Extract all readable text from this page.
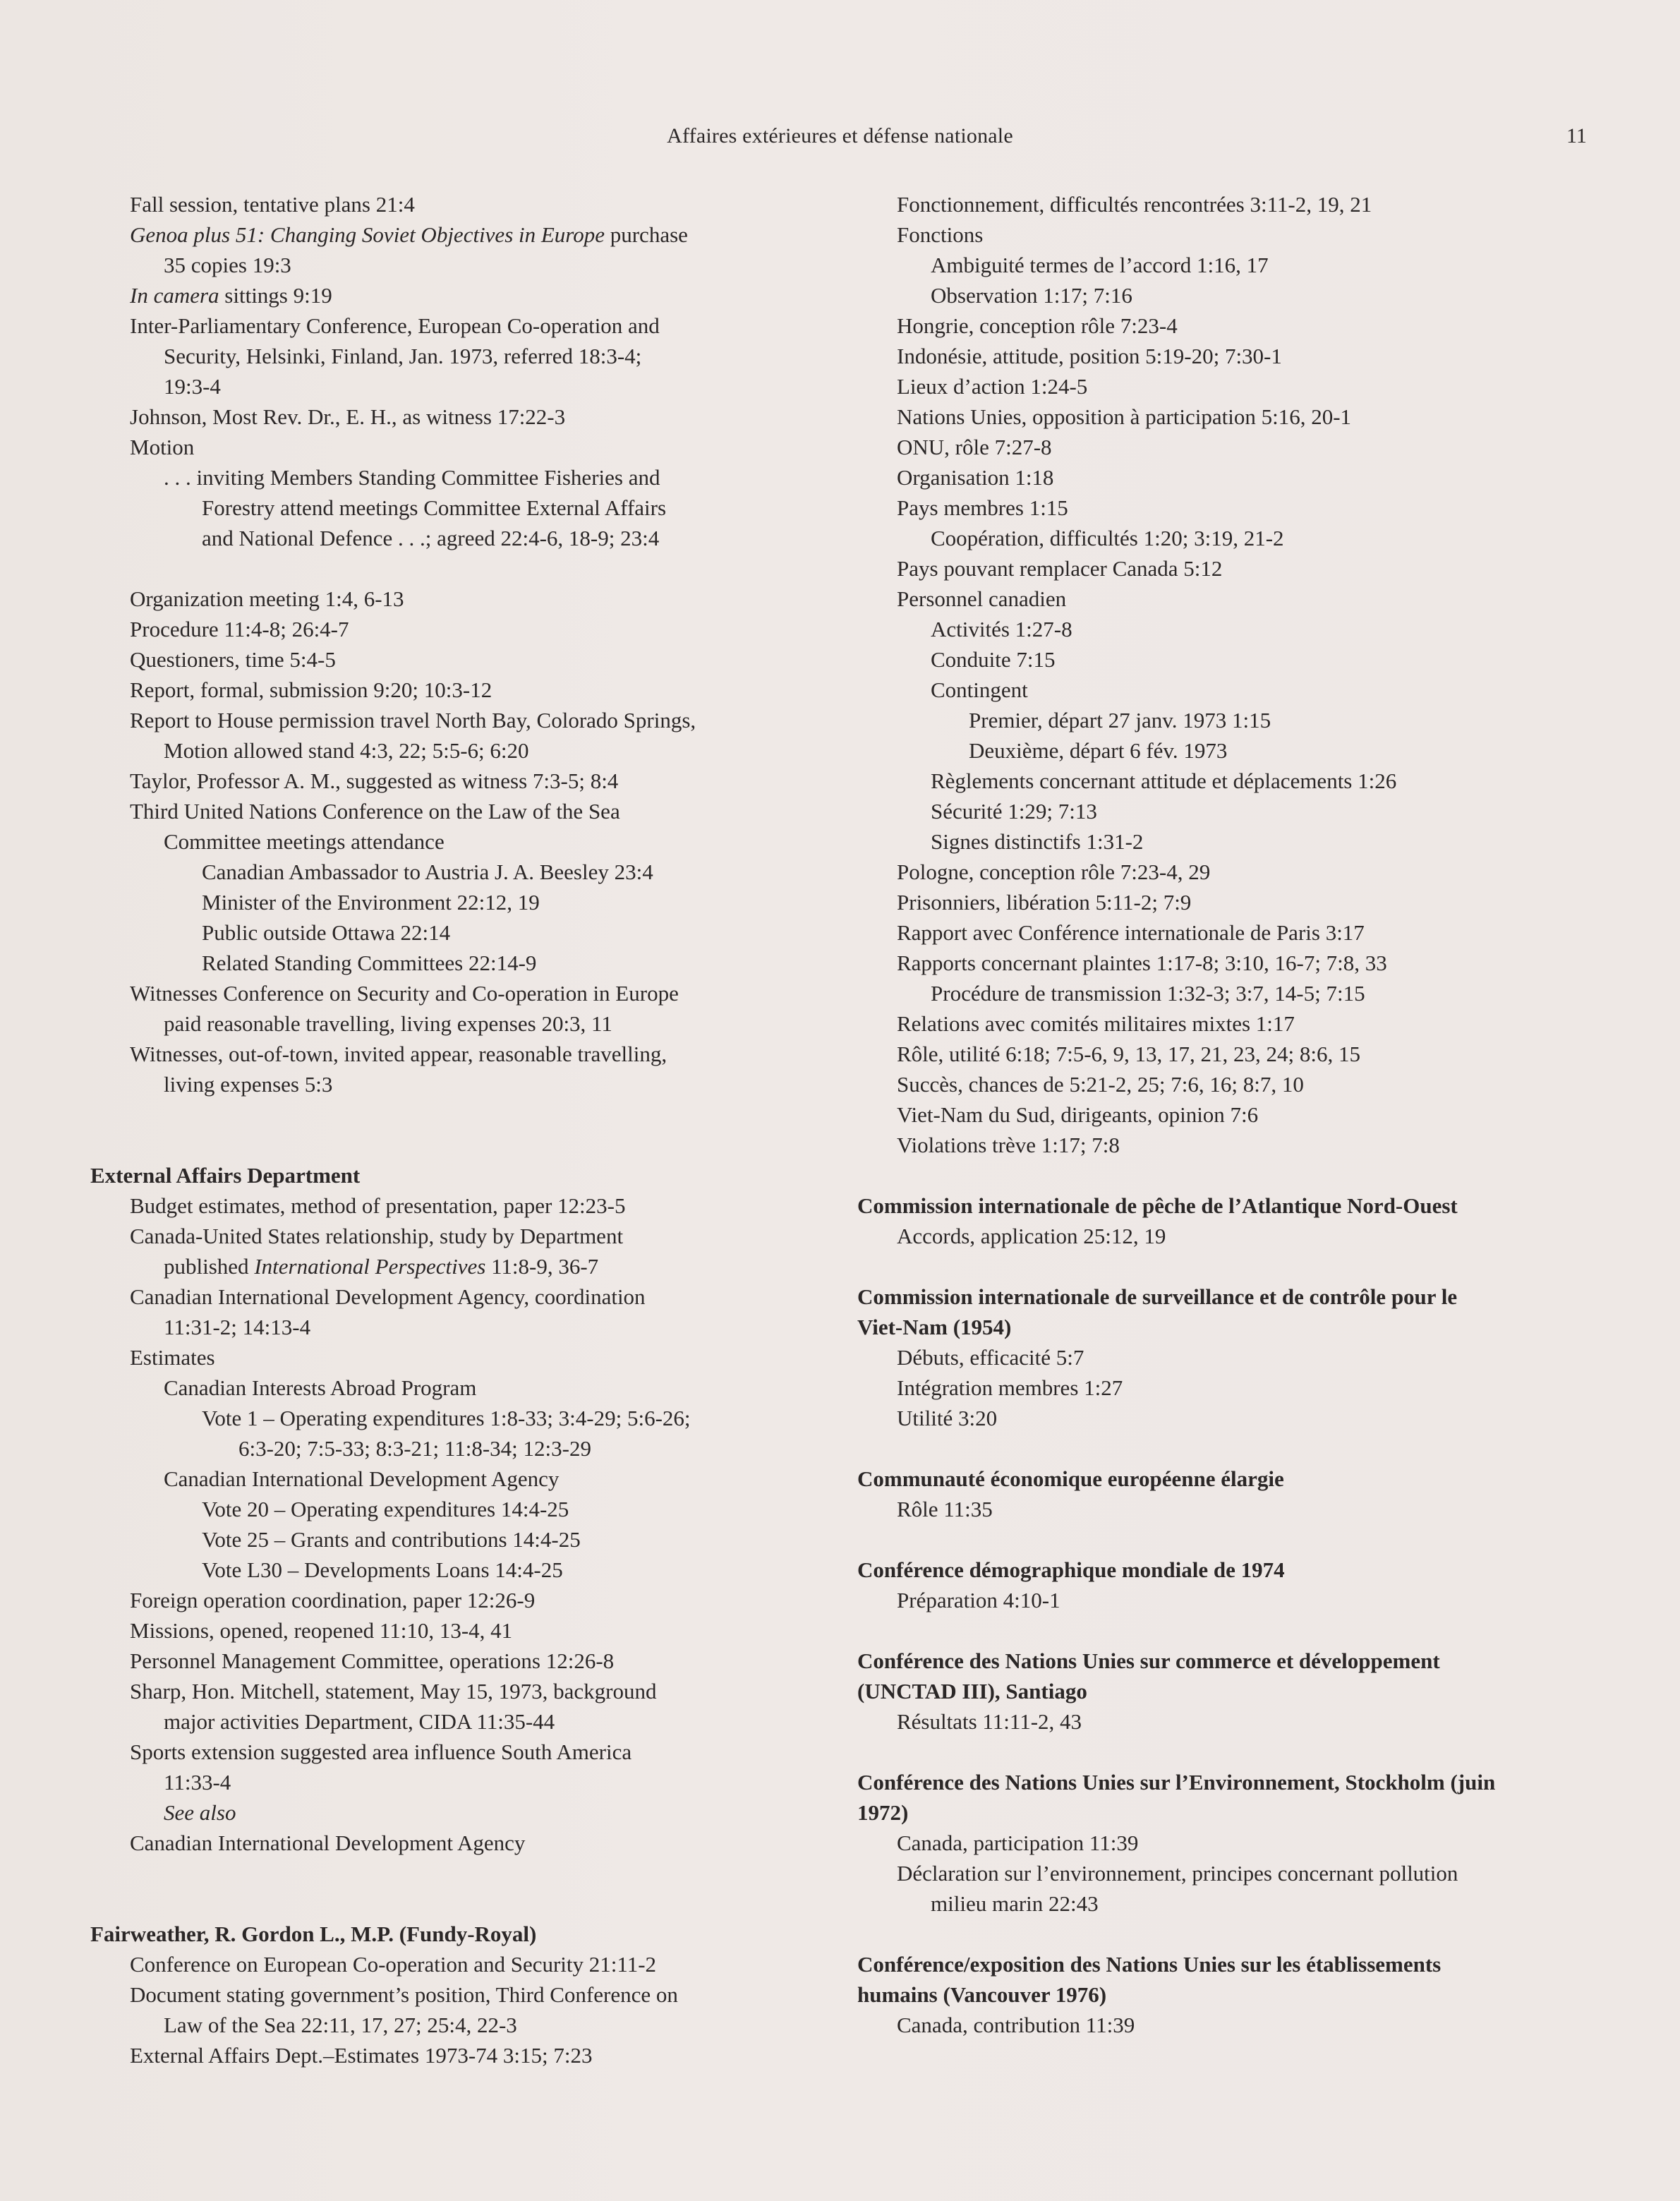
Affaires extérieures et défense nationale	11
Fall session, tentative plans 21:4
Genoa plus 51: Changing Soviet Objectives in Europe purchase
35 copies 19:3
In camera sittings 9:19
Inter-Parliamentary Conference, European Co-operation and
Security, Helsinki, Finland, Jan. 1973, referred 18:3-4;
19:3-4
Johnson, Most Rev. Dr., E. H., as witness 17:22-3
Motion
. . . inviting Members Standing Committee Fisheries and
Forestry attend meetings Committee External Affairs
and National Defence . . .; agreed 22:4-6, 18-9; 23:4
Organization meeting 1:4, 6-13
Procedure 11:4-8; 26:4-7
Questioners, time 5:4-5
Report, formal, submission 9:20; 10:3-12
Report to House permission travel North Bay, Colorado Springs,
Motion allowed stand 4:3, 22; 5:5-6; 6:20
Taylor, Professor A. M., suggested as witness 7:3-5; 8:4
Third United Nations Conference on the Law of the Sea
Committee meetings attendance
Canadian Ambassador to Austria J. A. Beesley 23:4
Minister of the Environment 22:12, 19
Public outside Ottawa 22:14
Related Standing Committees 22:14-9
Witnesses Conference on Security and Co-operation in Europe
paid reasonable travelling, living expenses 20:3, 11
Witnesses, out-of-town, invited appear, reasonable travelling,
living expenses 5:3
External Affairs Department
Budget estimates, method of presentation, paper 12:23-5
Canada-United States relationship, study by Department
published International Perspectives 11:8-9, 36-7
Canadian International Development Agency, coordination
11:31-2; 14:13-4
Estimates
Canadian Interests Abroad Program
Vote 1 – Operating expenditures 1:8-33; 3:4-29; 5:6-26;
6:3-20; 7:5-33; 8:3-21; 11:8-34; 12:3-29
Canadian International Development Agency
Vote 20 – Operating expenditures 14:4-25
Vote 25 – Grants and contributions 14:4-25
Vote L30 – Developments Loans 14:4-25
Foreign operation coordination, paper 12:26-9
Missions, opened, reopened 11:10, 13-4, 41
Personnel Management Committee, operations 12:26-8
Sharp, Hon. Mitchell, statement, May 15, 1973, background
major activities Department, CIDA 11:35-44
Sports extension suggested area influence South America
11:33-4
See also
Canadian International Development Agency
Fairweather, R. Gordon L., M.P. (Fundy-Royal)
Conference on European Co-operation and Security 21:11-2
Document stating government’s position, Third Conference on
Law of the Sea 22:11, 17, 27; 25:4, 22-3
External Affairs Dept.–Estimates 1973-74 3:15; 7:23
Fonctionnement, difficultés rencontrées 3:11-2, 19, 21
Fonctions
Ambiguité termes de l’accord 1:16, 17
Observation 1:17; 7:16
Hongrie, conception rôle 7:23-4
Indonésie, attitude, position 5:19-20; 7:30-1
Lieux d’action 1:24-5
Nations Unies, opposition à participation 5:16, 20-1
ONU, rôle 7:27-8
Organisation 1:18
Pays membres 1:15
Coopération, difficultés 1:20; 3:19, 21-2
Pays pouvant remplacer Canada 5:12
Personnel canadien
Activités 1:27-8
Conduite 7:15
Contingent
Premier, départ 27 janv. 1973 1:15
Deuxième, départ 6 fév. 1973
Règlements concernant attitude et déplacements 1:26
Sécurité 1:29; 7:13
Signes distinctifs 1:31-2
Pologne, conception rôle 7:23-4, 29
Prisonniers, libération 5:11-2; 7:9
Rapport avec Conférence internationale de Paris 3:17
Rapports concernant plaintes 1:17-8; 3:10, 16-7; 7:8, 33
Procédure de transmission 1:32-3; 3:7, 14-5; 7:15
Relations avec comités militaires mixtes 1:17
Rôle, utilité 6:18; 7:5-6, 9, 13, 17, 21, 23, 24; 8:6, 15
Succès, chances de 5:21-2, 25; 7:6, 16; 8:7, 10
Viet-Nam du Sud, dirigeants, opinion 7:6
Violations trève 1:17; 7:8
Commission internationale de pêche de l’Atlantique Nord-Ouest
Accords, application 25:12, 19
Commission internationale de surveillance et de contrôle pour le
Viet-Nam (1954)
Débuts, efficacité 5:7
Intégration membres 1:27
Utilité 3:20
Communauté économique européenne élargie
Rôle 11:35
Conférence démographique mondiale de 1974
Préparation 4:10-1
Conférence des Nations Unies sur commerce et développement
(UNCTAD III), Santiago
Résultats 11:11-2, 43
Conférence des Nations Unies sur l’Environnement, Stockholm (juin
1972)
Canada, participation 11:39
Déclaration sur l’environnement, principes concernant pollution
milieu marin 22:43
Conférence/exposition des Nations Unies sur les établissements
humains (Vancouver 1976)
Canada, contribution 11:39
